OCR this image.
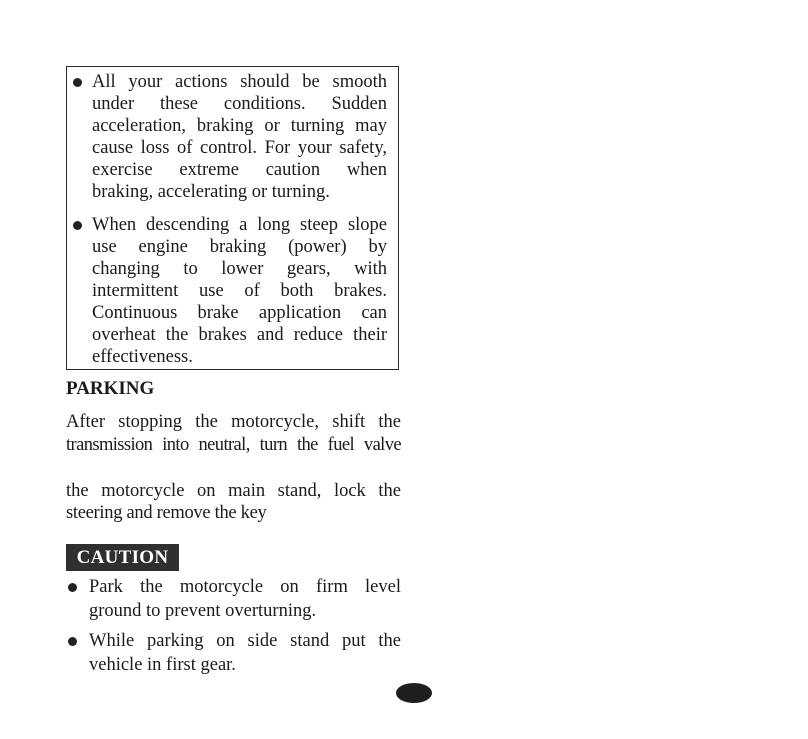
All your actions should be smooth
under these conditions. Sudden
acceleration, braking or turning may
cause loss of control. For your safety,
exercise extreme caution when
braking, accelerating or turning.
When descending a long steep slope
use engine braking (power) by
changing to lower gears, with
intermittent use of both brakes.
Continuous brake application can
overheat the brakes and reduce their
effectiveness.
PARKING
After stopping the motorcycle, shift the
transmission into neutral, turn the fuel valve
the motorcycle on main stand, lock the
steering and remove the key
CAUTION
Park the motorcycle on firm level
ground to prevent overturning.
While parking on side stand put the
vehicle in first gear.
